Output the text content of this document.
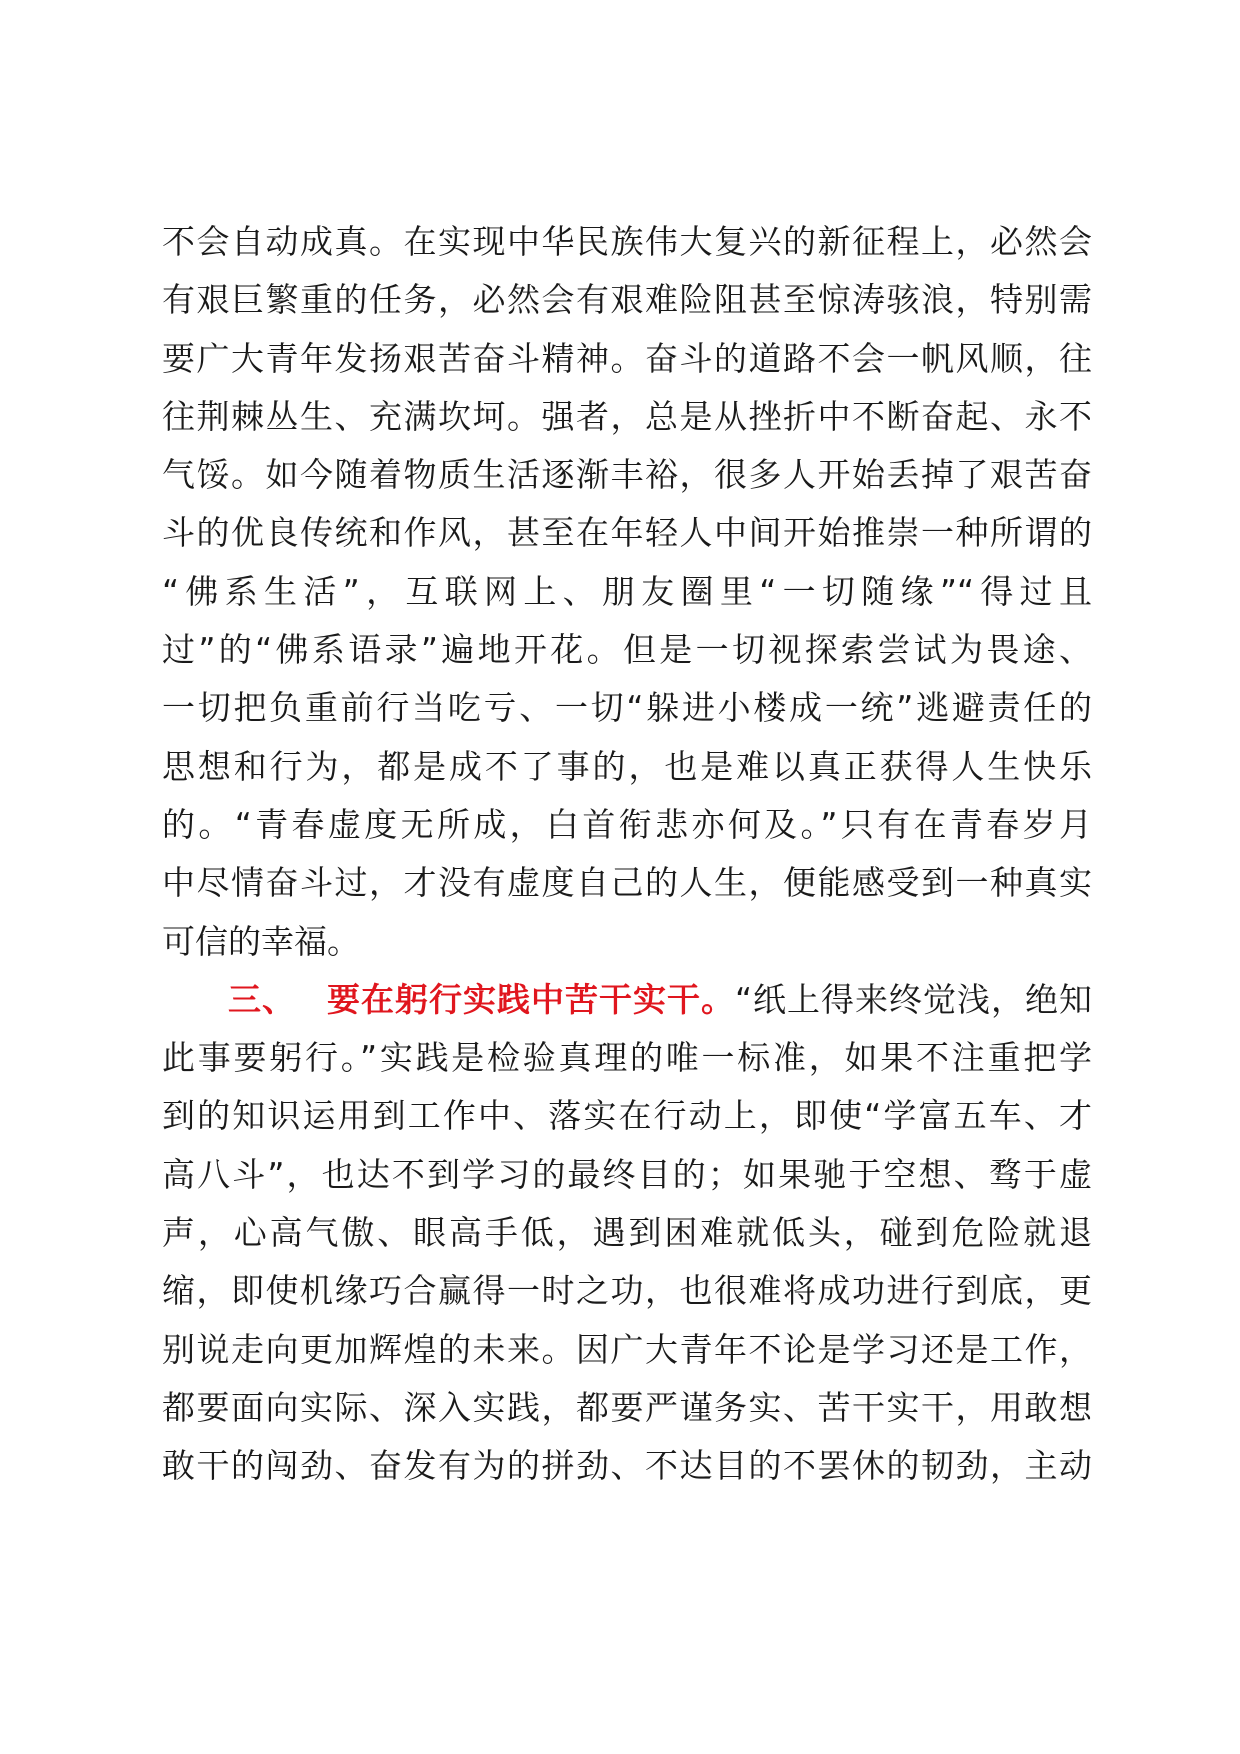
不会自动成真。在实现中华民族伟大复兴的新征程上，必然会
有艰巨繁重的任务，必然会有艰难险阻甚至惊涛骇浪，特别需
要广大青年发扬艰苦奋斗精神。奋斗的道路不会一帆风顺，往
往荆棘丛生、充满坎坷。强者，总是从挫折中不断奋起、永不
气馁。如今随着物质生活逐渐丰裕，很多人开始丢掉了艰苦奋
斗的优良传统和作风，甚至在年轻人中间开始推崇一种所谓的
“佛系生活”，互联网上、朋友圈里“一切随缘”“得过且
过”的“佛系语录”遍地开花。但是一切视探索尝试为畏途、
一切把负重前行当吃亏、一切“躲进小楼成一统”逃避责任的
思想和行为，都是成不了事的，也是难以真正获得人生快乐
的。“青春虚度无所成，白首衔悲亦何及。”只有在青春岁月
中尽情奋斗过，才没有虚度自己的人生，便能感受到一种真实
可信的幸福。
三、 要在躬行实践中苦干实干。“纸上得来终觉浅，绝知
此事要躬行。”实践是检验真理的唯一标准，如果不注重把学
到的知识运用到工作中、落实在行动上，即使“学富五车、才
高八斗”，也达不到学习的最终目的；如果驰于空想、骛于虚
声，心高气傲、眼高手低，遇到困难就低头，碰到危险就退
缩，即使机缘巧合赢得一时之功，也很难将成功进行到底，更
别说走向更加辉煌的未来。因广大青年不论是学习还是工作，
都要面向实际、深入实践，都要严谨务实、苦干实干，用敢想
敢干的闯劲、奋发有为的拼劲、不达目的不罢休的韧劲，主动
